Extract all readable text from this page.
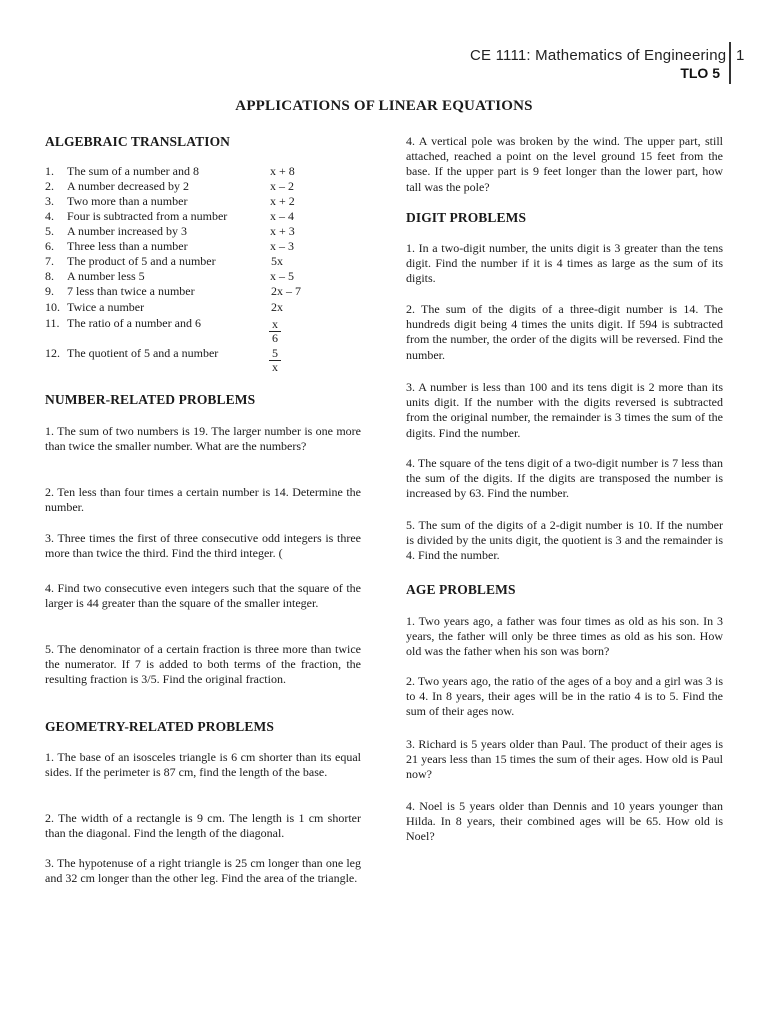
CE 1111: Mathematics of Engineering 1
TLO 5
APPLICATIONS OF LINEAR EQUATIONS
ALGEBRAIC TRANSLATION
1.	The sum of a number and 8	x + 8
2.	A number decreased by 2	x – 2
3.	Two more than a number	x + 2
4.	Four is subtracted from a number	x – 4
5.	A number increased by 3	x + 3
6.	Three less than a number	x – 3
7.	The product of 5 and a number	5x
8.	A number less 5	x – 5
9.	7 less than twice a number	2x – 7
10. Twice a number	2x
11. The ratio of a number and 6	$\frac{x}{6}$
12. The quotient of 5 and a number	$\frac{5}{x}$
NUMBER-RELATED PROBLEMS

1. The sum of two numbers is 19. The larger number is one more than twice the smaller number. What are the numbers?

2. Ten less than four times a certain number is 14. Determine the number.

3. Three times the first of three consecutive odd integers is three more than twice the third. Find the third integer. (

4. Find two consecutive even integers such that the square of the larger is 44 greater than the square of the smaller integer.

5. The denominator of a certain fraction is three more than twice the numerator. If 7 is added to both terms of the fraction, the resulting fraction is 3/5. Find the original fraction.

GEOMETRY-RELATED PROBLEMS

1. The base of an isosceles triangle is 6 cm shorter than its equal sides. If the perimeter is 87 cm, find the length of the base.

2. The width of a rectangle is 9 cm. The length is 1 cm shorter than the diagonal. Find the length of the diagonal.

3. The hypotenuse of a right triangle is 25 cm longer than one leg and 32 cm longer than the other leg. Find the area of the triangle.

4. A vertical pole was broken by the wind. The upper part, still attached, reached a point on the level ground 15 feet from the base. If the upper part is 9 feet longer than the lower part, how tall was the pole?

DIGIT PROBLEMS

1. In a two-digit number, the units digit is 3 greater than the tens digit. Find the number if it is 4 times as large as the sum of its digits.

2. The sum of the digits of a three-digit number is 14. The hundreds digit being 4 times the units digit. If 594 is subtracted from the number, the order of the digits will be reversed. Find the number.

3. A number is less than 100 and its tens digit is 2 more than its units digit. If the number with the digits reversed is subtracted from the original number, the remainder is 3 times the sum of the digits. Find the number.

4. The square of the tens digit of a two-digit number is 7 less than the sum of the digits. If the digits are transposed the number is increased by 63. Find the number.

5. The sum of the digits of a 2-digit number is 10. If the number is divided by the units digit, the quotient is 3 and the remainder is 4. Find the number.

AGE PROBLEMS

1. Two years ago, a father was four times as old as his son. In 3 years, the father will only be three times as old as his son. How old was the father when his son was born?

2. Two years ago, the ratio of the ages of a boy and a girl was 3 is to 4. In 8 years, their ages will be in the ratio 4 is to 5. Find the sum of their ages now.

3. Richard is 5 years older than Paul. The product of their ages is 21 years less than 15 times the sum of their ages. How old is Paul now?

4. Noel is 5 years older than Dennis and 10 years younger than Hilda. In 8 years, their combined ages will be 65. How old is Noel?
